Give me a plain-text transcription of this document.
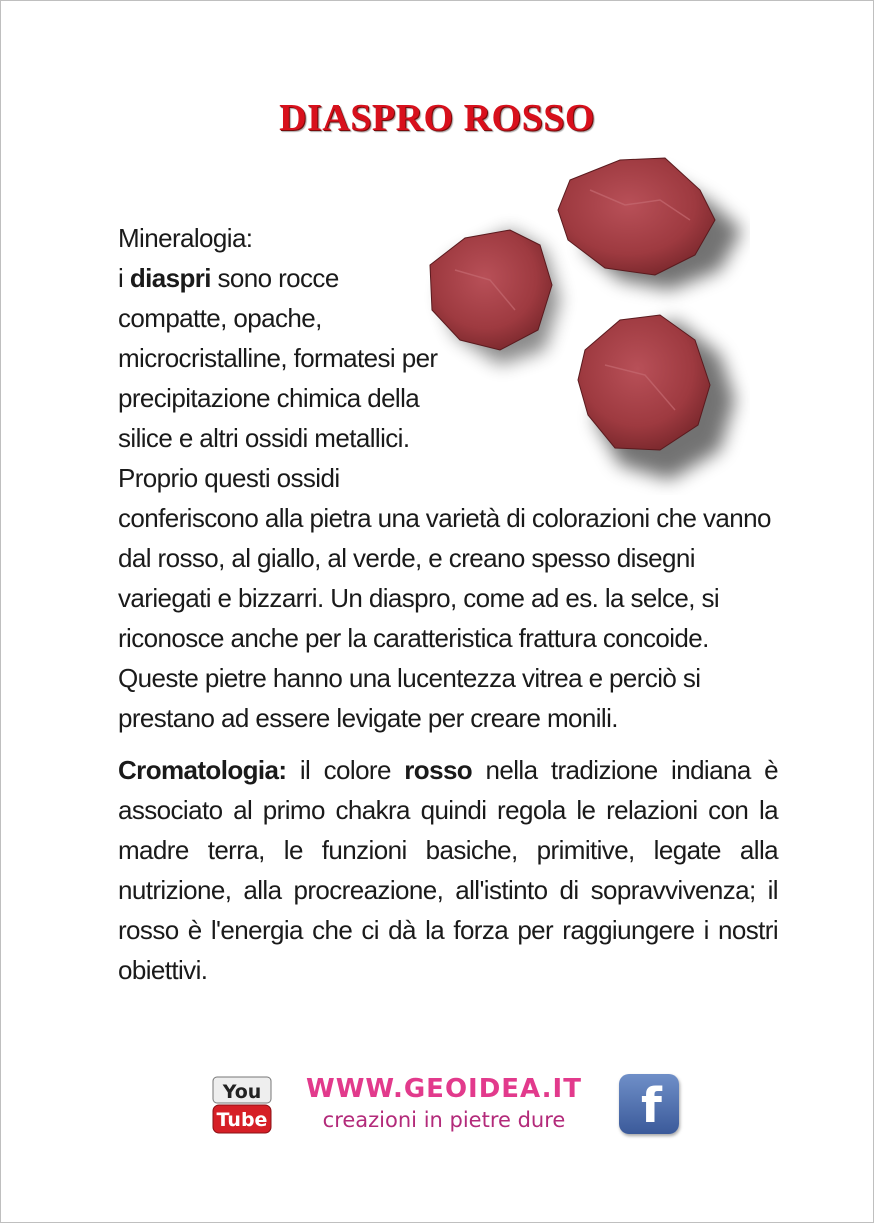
DIASPRO ROSSO
Mineralogia:
i diaspri sono rocce compatte, opache, microcristalline, formatesi per precipitazione chimica della silice e altri ossidi metallici. Proprio questi ossidi conferiscono alla pietra una varietà di colorazioni che vanno dal rosso, al giallo, al verde, e creano spesso disegni variegati e bizzarri. Un diaspro, come ad es. la selce, si riconosce anche per la caratteristica frattura concoide. Queste pietre hanno una lucentezza vitrea e perciò si prestano ad essere levigate per creare monili.
Cromatologia: il colore rosso nella tradizione indiana è associato al primo chakra quindi regola le relazioni con la madre terra, le funzioni basiche, primitive, legate alla nutrizione, alla procreazione, all'istinto di sopravvivenza; il rosso è l'energia che ci dà la forza per raggiungere i nostri obiettivi.
You
Tube
WWW.GEOIDEA.IT
creazioni in pietre dure	f
